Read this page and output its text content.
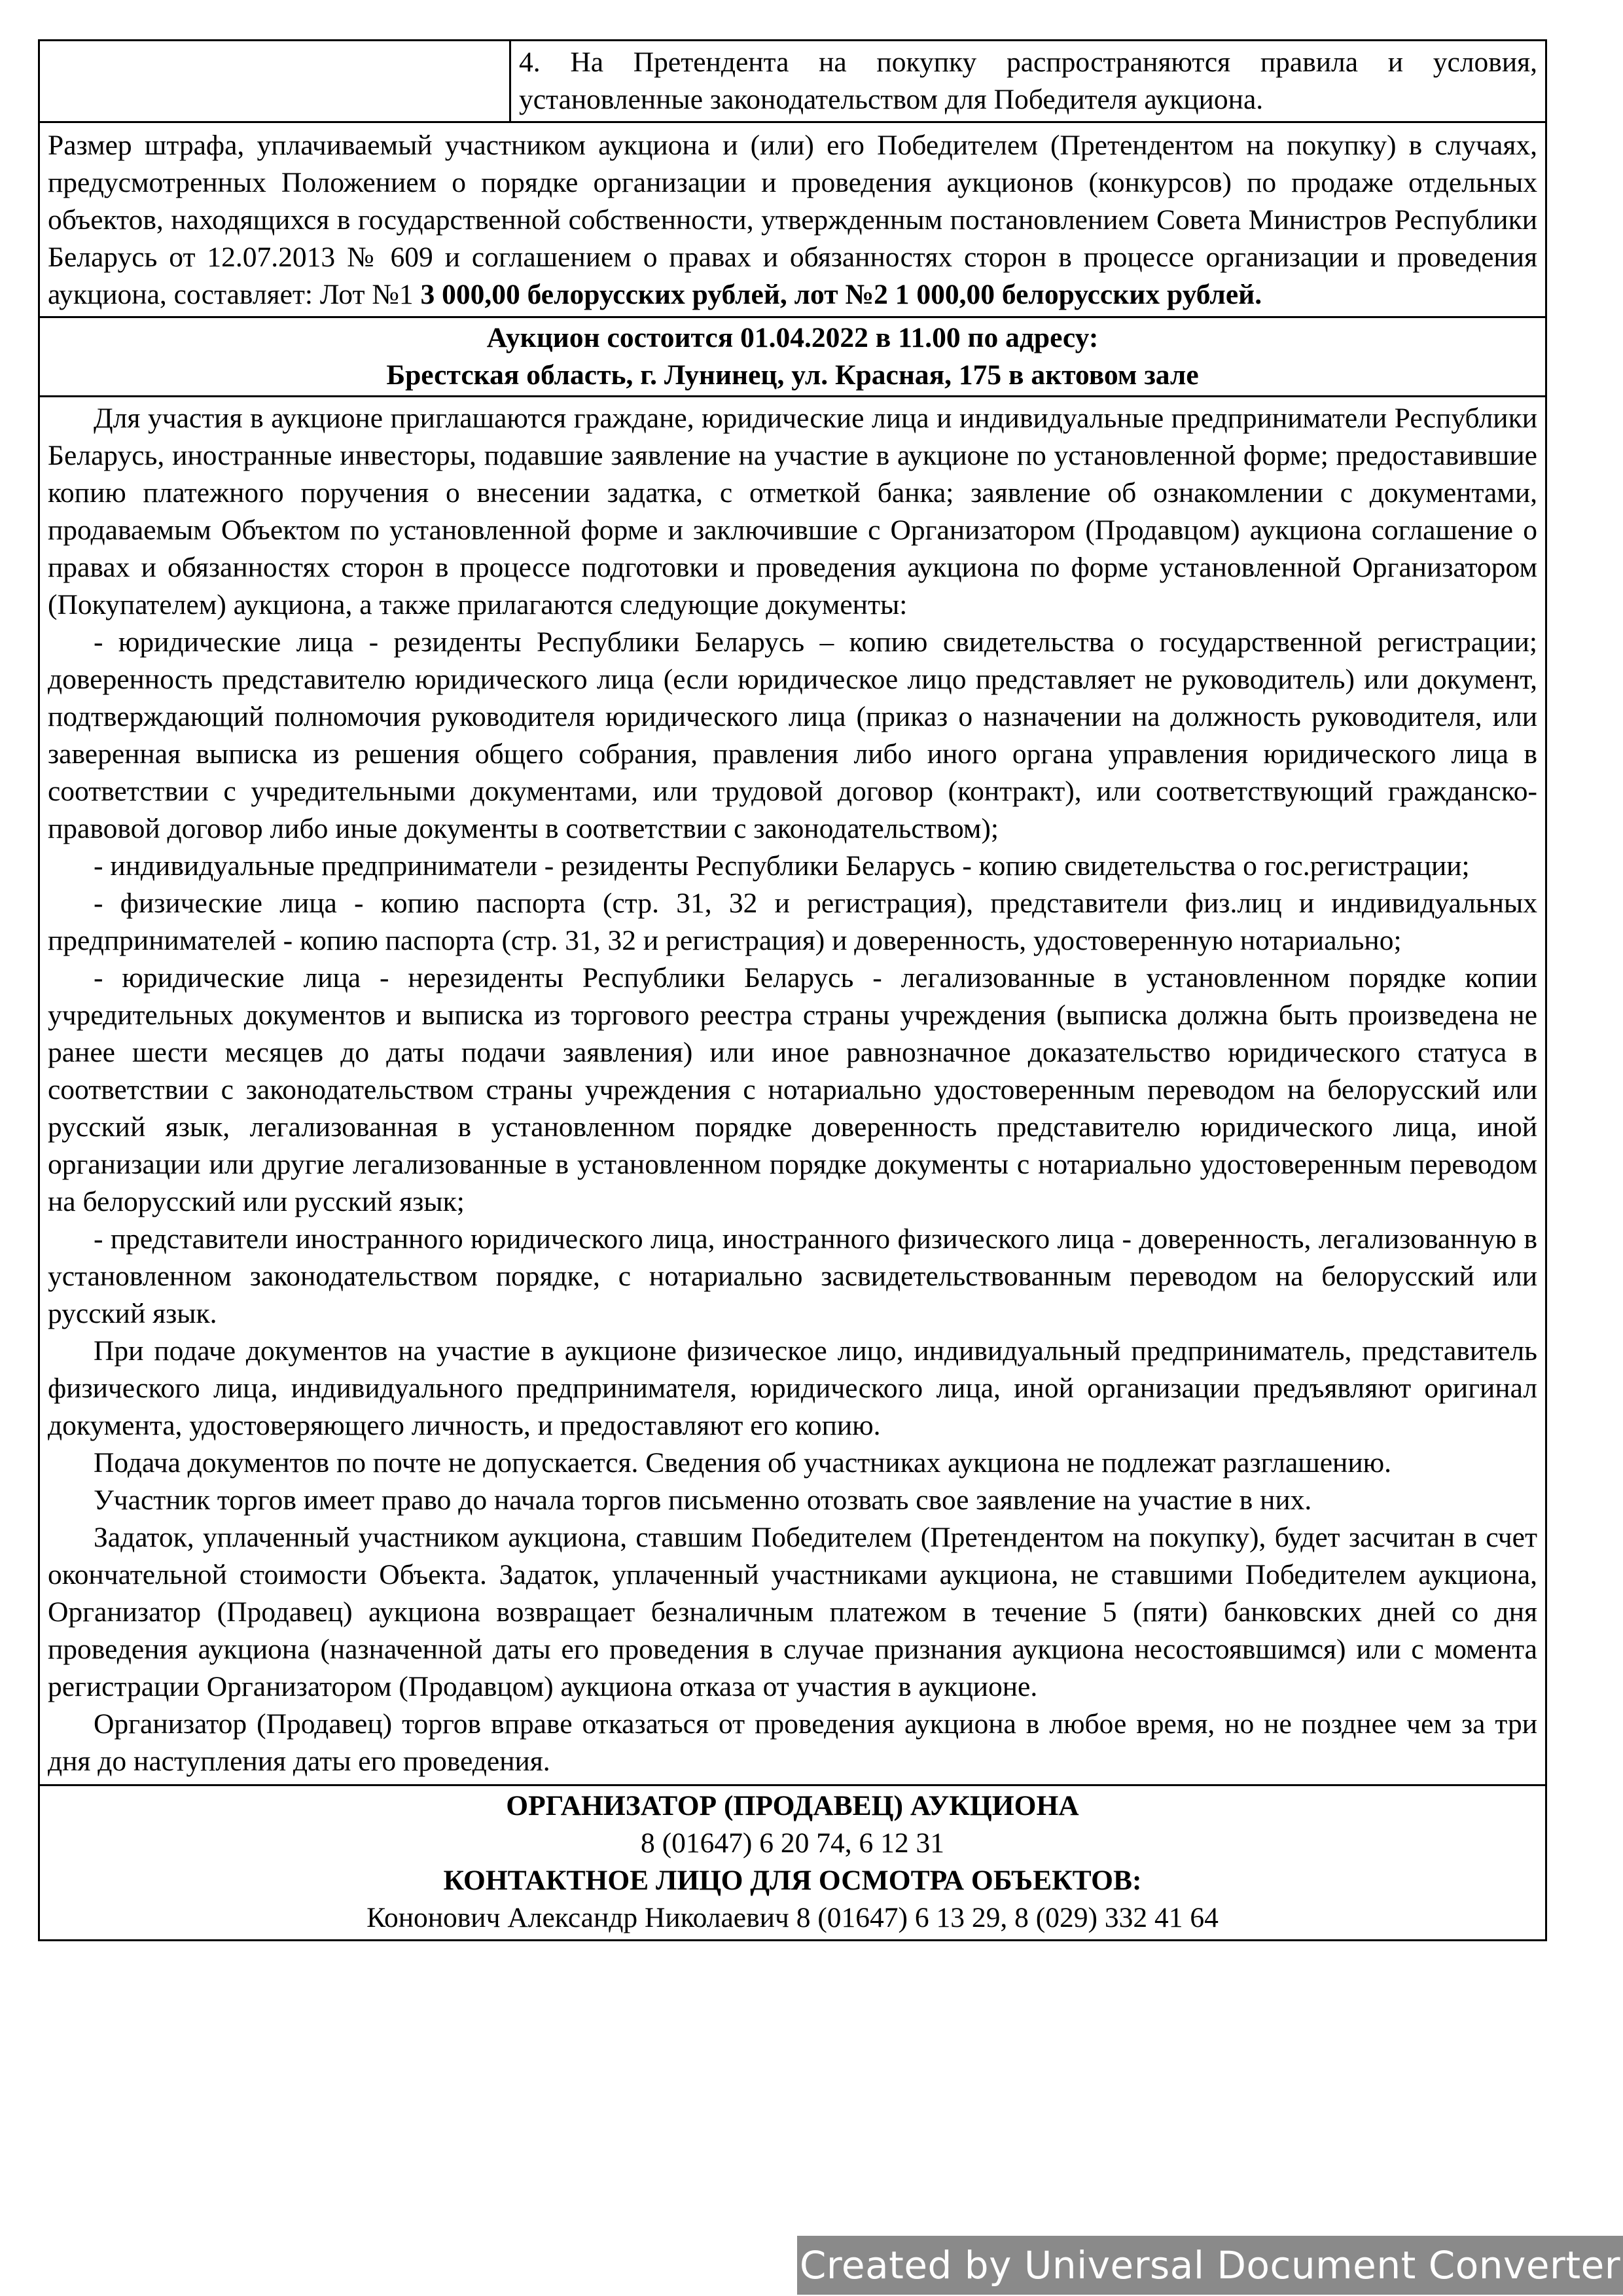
	4. На Претендента на покупку распространяются правила и условия, установленные законодательством для Победителя аукциона.
Размер штрафа, уплачиваемый участником аукциона и (или) его Победителем (Претендентом на покупку) в случаях, предусмотренных Положением о порядке организации и проведения аукционов (конкурсов) по продаже отдельных объектов, находящихся в государственной собственности, утвержденным постановлением Совета Министров Республики Беларусь от 12.07.2013 № 609 и соглашением о правах и обязанностях сторон в процессе организации и проведения аукциона, составляет: Лот №1 3 000,00 белорусских рублей, лот №2 1 000,00 белорусских рублей.

Аукцион состоится 01.04.2022 в 11.00 по адресу:
Брестская область, г. Лунинец, ул. Красная, 175 в актовом зале

Для участия в аукционе приглашаются граждане, юридические лица и индивидуальные предприниматели Республики Беларусь, иностранные инвесторы, подавшие заявление на участие в аукционе по установленной форме; предоставившие копию платежного поручения о внесении задатка, с отметкой банка; заявление об ознакомлении с документами, продаваемым Объектом по установленной форме и заключившие с Организатором (Продавцом) аукциона соглашение о правах и обязанностях сторон в процессе подготовки и проведения аукциона по форме установленной Организатором (Покупателем) аукциона, а также прилагаются следующие документы:

- юридические лица - резиденты Республики Беларусь – копию свидетельства о государственной регистрации; доверенность представителю юридического лица (если юридическое лицо представляет не руководитель) или документ, подтверждающий полномочия руководителя юридического лица (приказ о назначении на должность руководителя, или заверенная выписка из решения общего собрания, правления либо иного органа управления юридического лица в соответствии с учредительными документами, или трудовой договор (контракт), или соответствующий гражданско-правовой договор либо иные документы в соответствии с законодательством);

- индивидуальные предприниматели - резиденты Республики Беларусь - копию свидетельства о гос.регистрации;

- физические лица - копию паспорта (стр. 31, 32 и регистрация), представители физ.лиц и индивидуальных предпринимателей - копию паспорта (стр. 31, 32 и регистрация) и доверенность, удостоверенную нотариально;

- юридические лица - нерезиденты Республики Беларусь - легализованные в установленном порядке копии учредительных документов и выписка из торгового реестра страны учреждения (выписка должна быть произведена не ранее шести месяцев до даты подачи заявления) или иное равнозначное доказательство юридического статуса в соответствии с законодательством страны учреждения с нотариально удостоверенным переводом на белорусский или русский язык, легализованная в установленном порядке доверенность представителю юридического лица, иной организации или другие легализованные в установленном порядке документы с нотариально удостоверенным переводом на белорусский или русский язык;

- представители иностранного юридического лица, иностранного физического лица - доверенность, легализованную в установленном законодательством порядке, с нотариально засвидетельствованным переводом на белорусский или русский язык.

При подаче документов на участие в аукционе физическое лицо, индивидуальный предприниматель, представитель физического лица, индивидуального предпринимателя, юридического лица, иной организации предъявляют оригинал документа, удостоверяющего личность, и предоставляют его копию.

Подача документов по почте не допускается. Сведения об участниках аукциона не подлежат разглашению.

Участник торгов имеет право до начала торгов письменно отозвать свое заявление на участие в них.

Задаток, уплаченный участником аукциона, ставшим Победителем (Претендентом на покупку), будет засчитан в счет окончательной стоимости Объекта. Задаток, уплаченный участниками аукциона, не ставшими Победителем аукциона, Организатор (Продавец) аукциона возвращает безналичным платежом в течение 5 (пяти) банковских дней со дня проведения аукциона (назначенной даты его проведения в случае признания аукциона несостоявшимся) или с момента регистрации Организатором (Продавцом) аукциона отказа от участия в аукционе.

Организатор (Продавец) торгов вправе отказаться от проведения аукциона в любое время, но не позднее чем за три дня до наступления даты его проведения.

ОРГАНИЗАТОР (ПРОДАВЕЦ) АУКЦИОНА
8 (01647) 6 20 74, 6 12 31
КОНТАКТНОЕ ЛИЦО ДЛЯ ОСМОТРА ОБЪЕКТОВ:
Кононович Александр Николаевич 8 (01647) 6 13 29, 8 (029) 332 41 64
Created by Universal Document Converter
